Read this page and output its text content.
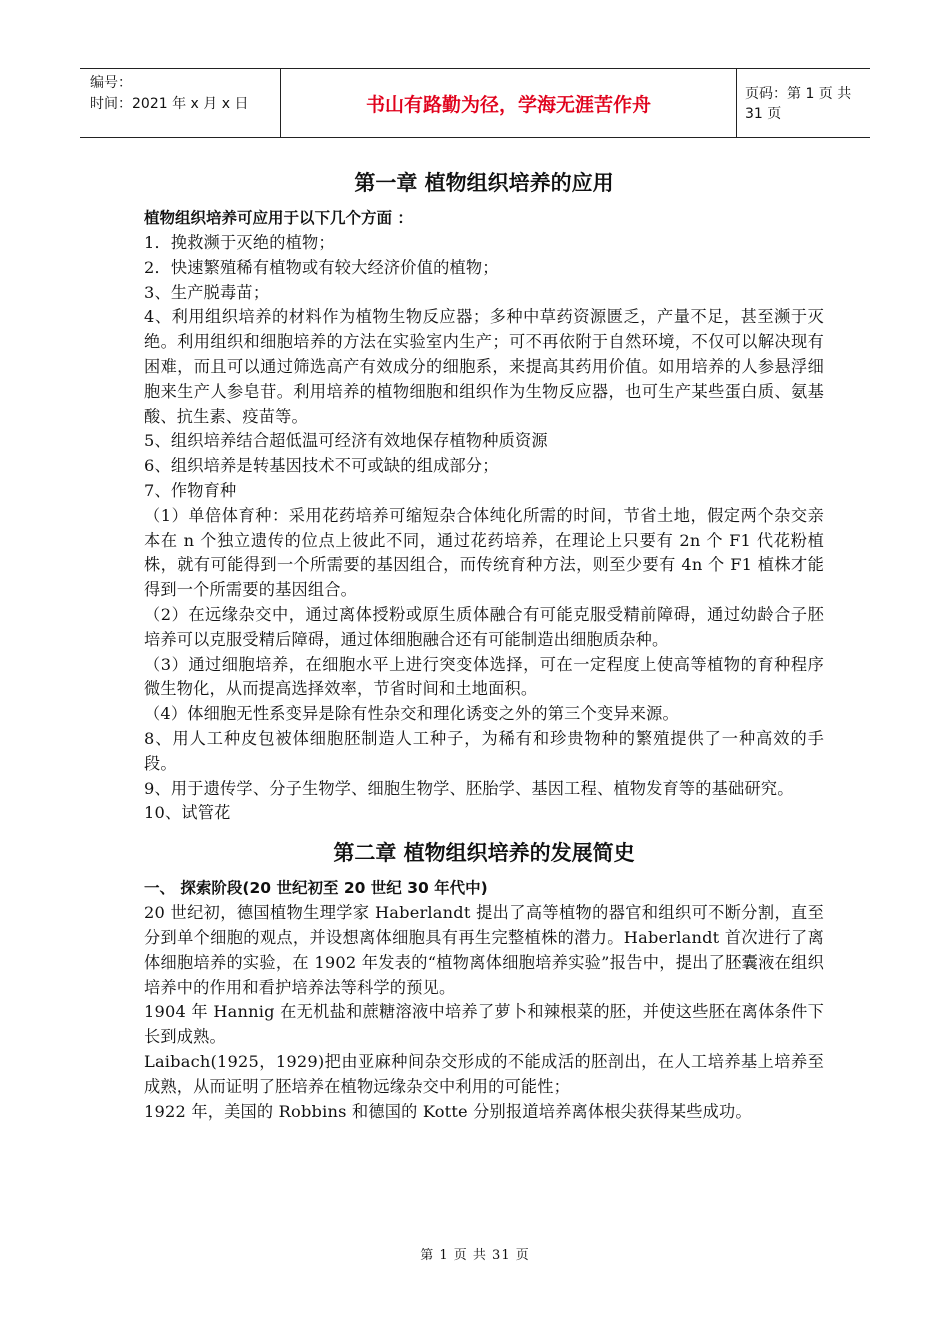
编号：
时间：2021 年 x 月 x 日	书山有路勤为径，学海无涯苦作舟	页码：第 1 页 共 31 页
第一章 植物组织培养的应用

植物组织培养可应用于以下几个方面 ：

1．挽救濒于灭绝的植物；

2．快速繁殖稀有植物或有较大经济价值的植物；

3、生产脱毒苗；

4、利用组织培养的材料作为植物生物反应器；多种中草药资源匮乏，产量不足，甚至濒于灭绝。利用组织和细胞培养的方法在实验室内生产；可不再依附于自然环境，不仅可以解决现有困难，而且可以通过筛选高产有效成分的细胞系，来提高其药用价值。如用培养的人参悬浮细胞来生产人参皂苷。利用培养的植物细胞和组织作为生物反应器，也可生产某些蛋白质、氨基酸、抗生素、疫苗等。

5、组织培养结合超低温可经济有效地保存植物种质资源

6、组织培养是转基因技术不可或缺的组成部分；

7、作物育种

（1）单倍体育种：采用花药培养可缩短杂合体纯化所需的时间，节省土地，假定两个杂交亲本在 n 个独立遗传的位点上彼此不同，通过花药培养，在理论上只要有 2n 个 F1 代花粉植株，就有可能得到一个所需要的基因组合，而传统育种方法，则至少要有 4n 个 F1 植株才能得到一个所需要的基因组合。

（2）在远缘杂交中，通过离体授粉或原生质体融合有可能克服受精前障碍，通过幼龄合子胚培养可以克服受精后障碍，通过体细胞融合还有可能制造出细胞质杂种。

（3）通过细胞培养，在细胞水平上进行突变体选择，可在一定程度上使高等植物的育种程序微生物化，从而提高选择效率，节省时间和土地面积。

（4）体细胞无性系变异是除有性杂交和理化诱变之外的第三个变异来源。

8、用人工种皮包被体细胞胚制造人工种子，为稀有和珍贵物种的繁殖提供了一种高效的手段。

9、用于遗传学、分子生物学、细胞生物学、胚胎学、基因工程、植物发育等的基础研究。

10、试管花

第二章 植物组织培养的发展简史

一、 探索阶段(20 世纪初至 20 世纪 30 年代中)

20 世纪初，德国植物生理学家 Haberlandt 提出了高等植物的器官和组织可不断分割，直至分到单个细胞的观点，并设想离体细胞具有再生完整植株的潜力。Haberlandt 首次进行了离体细胞培养的实验，在 1902 年发表的“植物离体细胞培养实验”报告中，提出了胚囊液在组织培养中的作用和看护培养法等科学的预见。

1904 年 Hannig 在无机盐和蔗糖溶液中培养了萝卜和辣根菜的胚，并使这些胚在离体条件下长到成熟。

Laibach(1925，1929)把由亚麻种间杂交形成的不能成活的胚剖出，在人工培养基上培养至成熟，从而证明了胚培养在植物远缘杂交中利用的可能性；

1922 年，美国的 Robbins 和德国的 Kotte 分别报道培养离体根尖获得某些成功。

第 1 页 共 31 页
